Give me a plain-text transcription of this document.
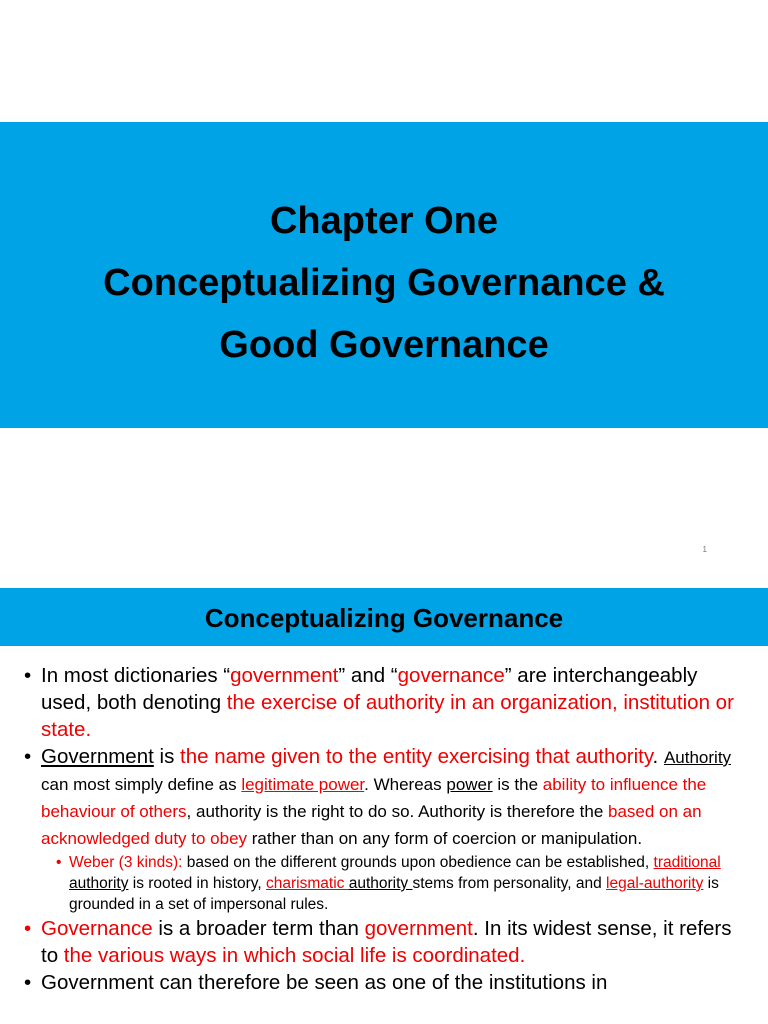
Chapter One
Conceptualizing Governance &
Good Governance
1
Conceptualizing Governance
• In most dictionaries “government” and “governance” are interchangeably used, both denoting the exercise of authority in an organization, institution or state.
• Government is the name given to the entity exercising that authority. Authority can most simply define as legitimate power. Whereas power is the ability to influence the behaviour of others, authority is the right to do so. Authority is therefore the based on an acknowledged duty to obey rather than on any form of coercion or manipulation.
• Weber (3 kinds): based on the different grounds upon obedience can be established, traditional authority is rooted in history, charismatic authority stems from personality, and legal-authority is grounded in a set of impersonal rules.
• Governance is a broader term than government. In its widest sense, it refers to the various ways in which social life is coordinated.
• Government can therefore be seen as one of the institutions in
